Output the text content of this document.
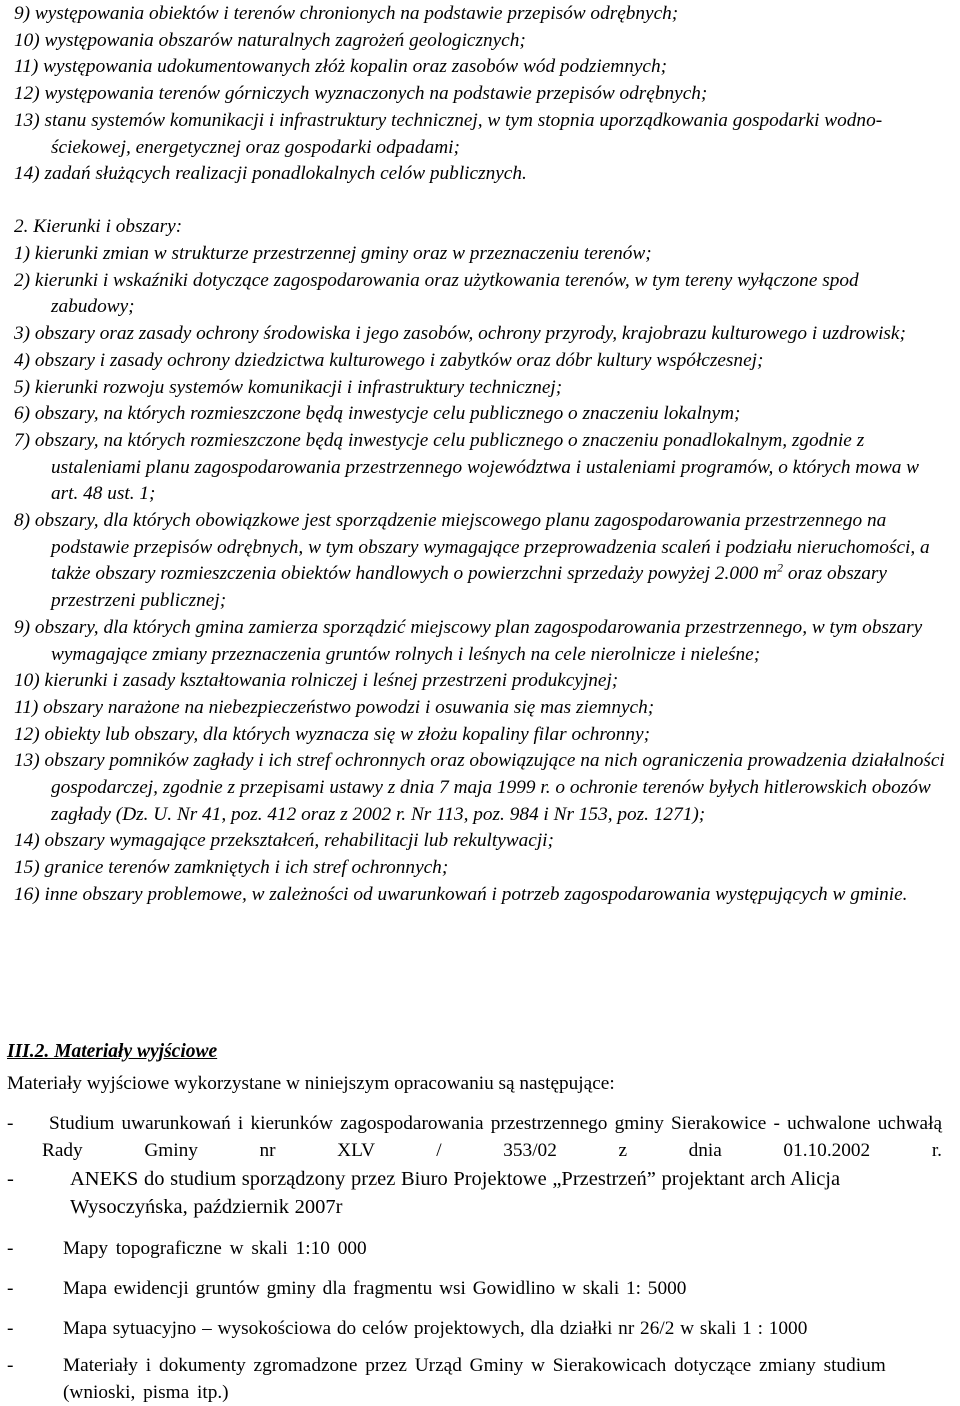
9) występowania obiektów i terenów chronionych na podstawie przepisów odrębnych;

10) występowania obszarów naturalnych zagrożeń geologicznych;

11) występowania udokumentowanych złóż kopalin oraz zasobów wód podziemnych;

12) występowania terenów górniczych wyznaczonych na podstawie przepisów odrębnych;

13) stanu systemów komunikacji i infrastruktury technicznej, w tym stopnia uporządkowania gospodarki wodno-ściekowej, energetycznej oraz gospodarki odpadami;

14) zadań służących realizacji ponadlokalnych celów publicznych.

2. Kierunki i obszary:

1) kierunki zmian w strukturze przestrzennej gminy oraz w przeznaczeniu terenów;

2) kierunki i wskaźniki dotyczące zagospodarowania oraz użytkowania terenów, w tym tereny wyłączone spod zabudowy;

3) obszary oraz zasady ochrony środowiska i jego zasobów, ochrony przyrody, krajobrazu kulturowego i uzdrowisk;

4) obszary i zasady ochrony dziedzictwa kulturowego i zabytków oraz dóbr kultury współczesnej;

5) kierunki rozwoju systemów komunikacji i infrastruktury technicznej;

6) obszary, na których rozmieszczone będą inwestycje celu publicznego o znaczeniu lokalnym;

7) obszary, na których rozmieszczone będą inwestycje celu publicznego o znaczeniu ponadlokalnym, zgodnie z ustaleniami planu zagospodarowania przestrzennego województwa i ustaleniami programów, o których mowa w art. 48 ust. 1;

8) obszary, dla których obowiązkowe jest sporządzenie miejscowego planu zagospodarowania przestrzennego na podstawie przepisów odrębnych, w tym obszary wymagające przeprowadzenia scaleń i podziału nieruchomości, a także obszary rozmieszczenia obiektów handlowych o powierzchni sprzedaży powyżej 2.000 $m^2$ oraz obszary przestrzeni publicznej;

9) obszary, dla których gmina zamierza sporządzić miejscowy plan zagospodarowania przestrzennego, w tym obszary wymagające zmiany przeznaczenia gruntów rolnych i leśnych na cele nierolnicze i nieleśne;

10) kierunki i zasady kształtowania rolniczej i leśnej przestrzeni produkcyjnej;

11) obszary narażone na niebezpieczeństwo powodzi i osuwania się mas ziemnych;

12) obiekty lub obszary, dla których wyznacza się w złożu kopaliny filar ochronny;

13) obszary pomników zagłady i ich stref ochronnych oraz obowiązujące na nich ograniczenia prowadzenia działalności gospodarczej, zgodnie z przepisami ustawy z dnia 7 maja 1999 r. o ochronie terenów byłych hitlerowskich obozów zagłady (Dz. U. Nr 41, poz. 412 oraz z 2002 r. Nr 113, poz. 984 i Nr 153, poz. 1271);

14) obszary wymagające przekształceń, rehabilitacji lub rekultywacji;

15) granice terenów zamkniętych i ich stref ochronnych;

16) inne obszary problemowe, w zależności od uwarunkowań i potrzeb zagospodarowania występujących w gminie.

III.2. Materiały wyjściowe

Materiały wyjściowe wykorzystane w niniejszym opracowaniu są następujące:

-	Studium uwarunkowań i kierunków zagospodarowania przestrzennego gminy Sierakowice - uchwalone uchwałą Rady Gminy nr XLV / 353/02 z dnia 01.10.2002 r.
-	ANEKS do studium sporządzony przez Biuro Projektowe „Przestrzeń” projektant arch Alicja Wysoczyńska, październik 2007r
-	Mapy topograficzne w skali 1:10 000
-	Mapa ewidencji gruntów gminy dla fragmentu wsi Gowidlino w skali 1: 5000
-	Mapa sytuacyjno – wysokościowa do celów projektowych, dla działki nr 26/2 w skali 1 : 1000
-	Materiały i dokumenty zgromadzone przez Urząd Gminy w Sierakowicach dotyczące zmiany studium (wnioski, pisma itp.)
